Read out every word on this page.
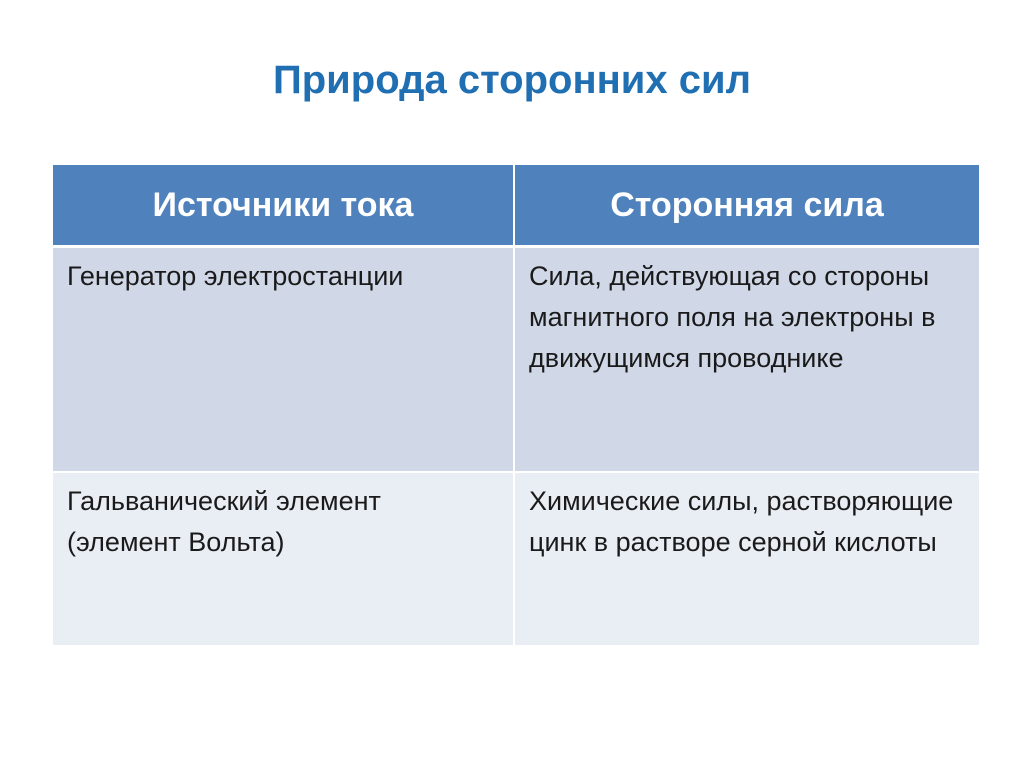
Природа сторонних сил
Источники тока	Сторонняя сила
Генератор электростанции	Сила, действующая со стороны магнитного поля на электроны в движущимся проводнике
Гальванический элемент (элемент Вольта)	Химические силы, растворяющие цинк в растворе серной кислоты
